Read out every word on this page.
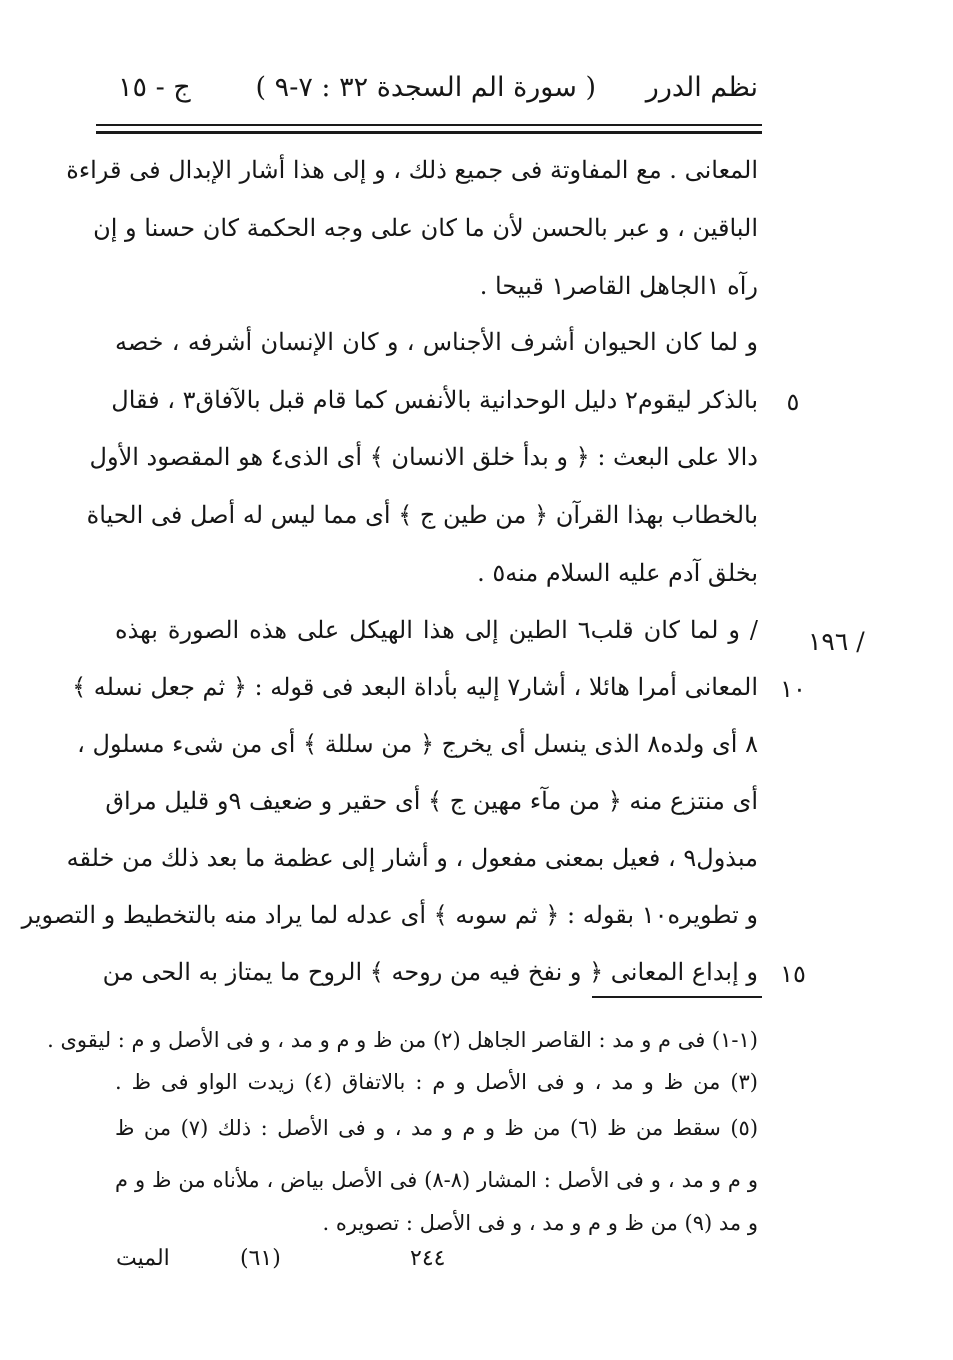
نظم الدرر
( سورة الم السجدة ٣٢ : ٧-٩ )
ج - ١٥
المعانى . مع المفاوتة فى جميع ذلك ، و إلى هذا أشار الإبدال فى قراءة
الباقين ، و عبر بالحسن لأن ما كان على وجه الحكمة كان حسنا و إن
رآه ١الجاهل القاصر١ قبيحا .
و لما كان الحيوان أشرف الأجناس ، و كان الإنسان أشرفه ، خصه
بالذكر ليقوم٢ دليل الوحدانية بالأنفس كما قام قبل بالآفاق٣ ، فقال
دالا على البعث : ﴿ و بدأ خلق الانسان ﴾ أى الذى٤ هو المقصود الأول
بالخطاب بهذا القرآن ﴿ من طين ج ﴾ أى مما ليس له أصل فى الحياة
بخلق آدم عليه السلام منه٥ .
/ و لما كان قلب٦ الطين إلى هذا الهيكل على هذه الصورة بهذه
المعانى أمرا هائلا ، أشار٧ إليه بأداة البعد فى قوله : ﴿ ثم جعل نسله ﴾
٨ أى ولده٨ الذى ينسل أى يخرج ﴿ من سللة ﴾ أى من شىء مسلول ،
أى منتزع منه ﴿ من مآء مهين ج ﴾ أى حقير و ضعيف ٩و قليل مراق
مبذول٩ ، فعيل بمعنى مفعول ، و أشار إلى عظمة ما بعد ذلك من خلقه
و تطويره١٠ بقوله : ﴿ ثم سوىه ﴾ أى عدله لما يراد منه بالتخطيط و التصوير
و إبداع المعانى ﴿ و نفخ فيه من روحه ﴾ الروح ما يمتاز به الحى من
٥
١٠
١٥
١٩٦ /
(١-١) فى م و مد : القاصر الجاهل (٢) من ظ و م و مد ، و فى الأصل و م : ليقوى .
(٣) من ظ و مد ، و فى الأصل و م : بالاتفاق (٤) زيدت الواو فى ظ .
(٥) سقط من ظ (٦) من ظ و م و مد ، و فى الأصل : ذلك (٧) من ظ
و م و مد ، و فى الأصل : المشار (٨-٨) فى الأصل بياض ، ملأناه من ظ و م
و مد (٩) من ظ و م و مد ، و فى الأصل : تصويره .
الميت	(٦١)	٢٤٤
